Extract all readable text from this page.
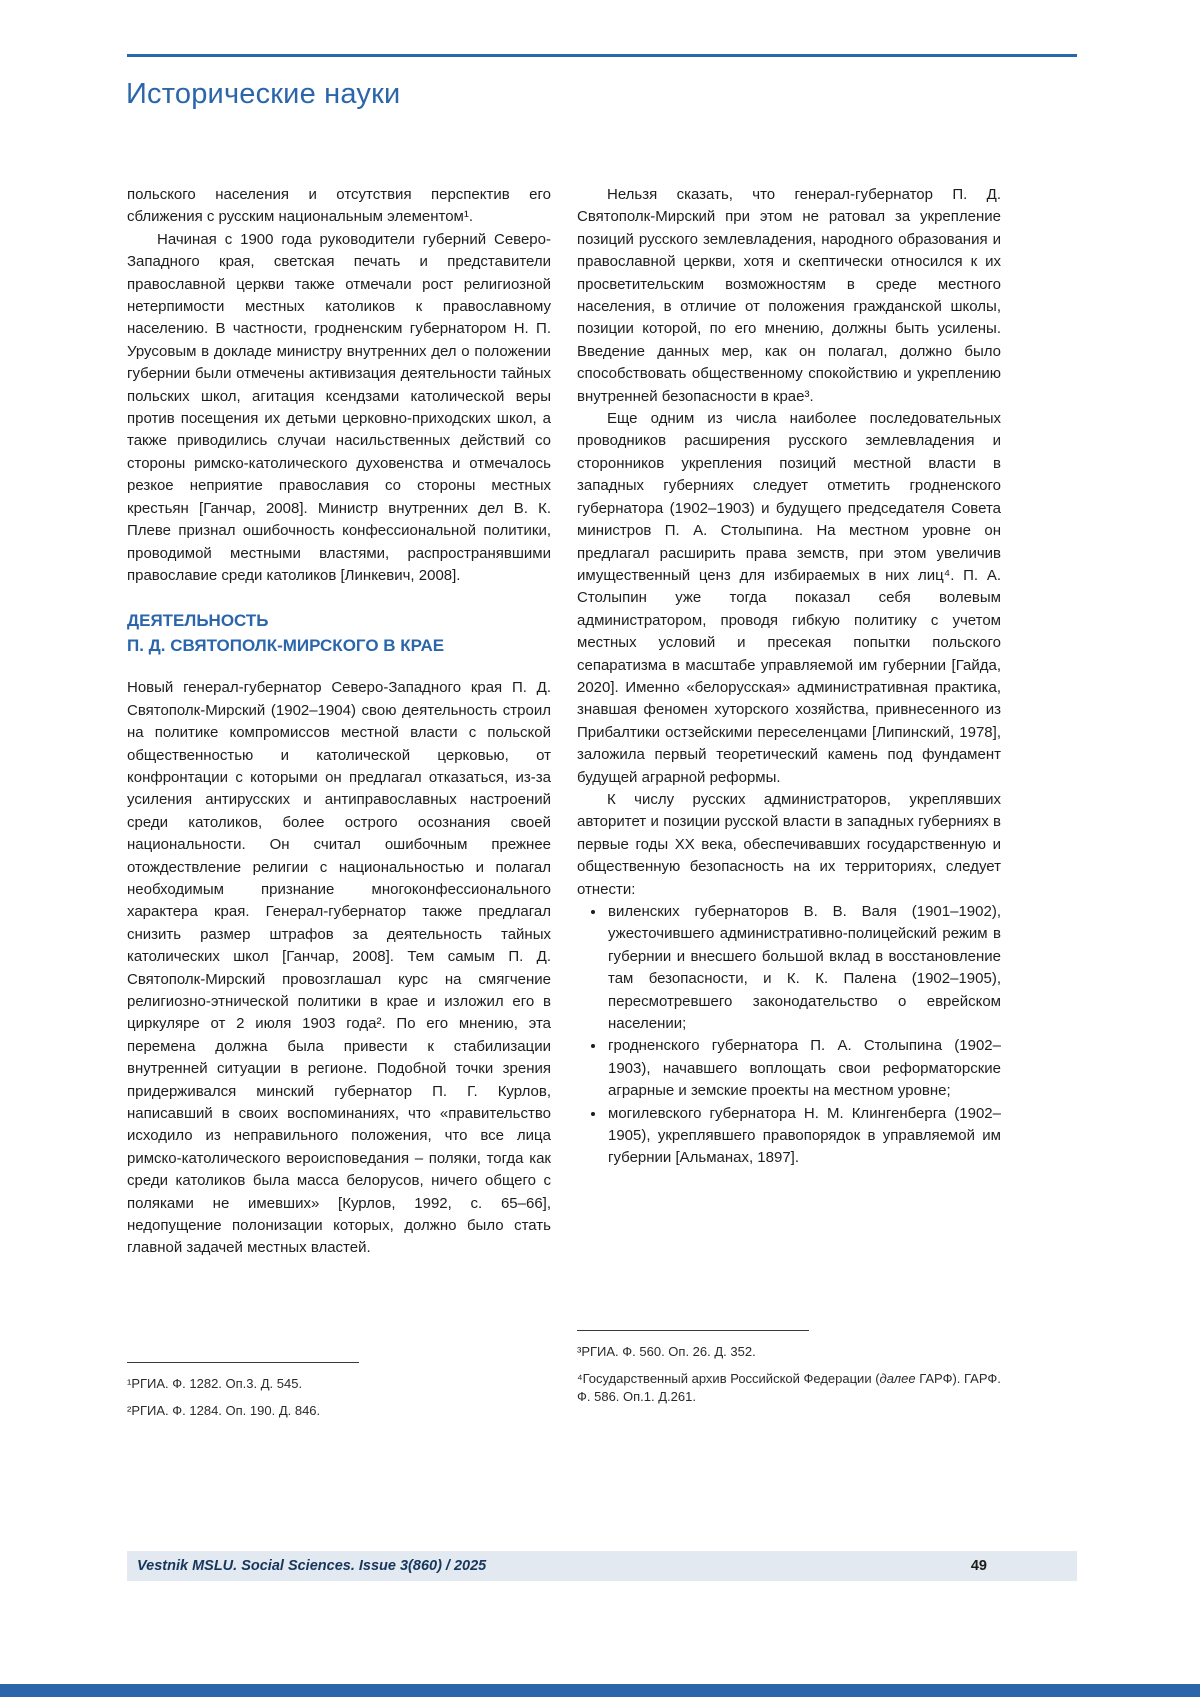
Исторические науки

польского населения и отсутствия перспектив его сближения с русским национальным элементом¹.

Начиная с 1900 года руководители губерний Северо-Западного края, светская печать и представители православной церкви также отмечали рост религиозной нетерпимости местных католиков к православному населению. В частности, гродненским губернатором Н. П. Урусовым в докладе министру внутренних дел о положении губернии были отмечены активизация деятельности тайных польских школ, агитация ксендзами католической веры против посещения их детьми церковно-приходских школ, а также приводились случаи насильственных действий со стороны римско-католического духовенства и отмечалось резкое неприятие православия со стороны местных крестьян [Ганчар, 2008]. Министр внутренних дел В. К. Плеве признал ошибочность конфессиональной политики, проводимой местными властями, распространявшими православие среди католиков [Линкевич, 2008].

ДЕЯТЕЛЬНОСТЬ
П. Д. СВЯТОПОЛК-МИРСКОГО В КРАЕ

Новый генерал-губернатор Северо-Западного края П. Д. Святополк-Мирский (1902–1904) свою деятельность строил на политике компромиссов местной власти с польской общественностью и католической церковью, от конфронтации с которыми он предлагал отказаться, из-за усиления антирусских и антиправославных настроений среди католиков, более острого осознания своей национальности. Он считал ошибочным прежнее отождествление религии с национальностью и полагал необходимым признание многоконфессионального характера края. Генерал-губернатор также предлагал снизить размер штрафов за деятельность тайных католических школ [Ганчар, 2008]. Тем самым П. Д. Святополк-Мирский провозглашал курс на смягчение религиозно-этнической политики в крае и изложил его в циркуляре от 2 июля 1903 года². По его мнению, эта перемена должна была привести к стабилизации внутренней ситуации в регионе. Подобной точки зрения придерживался минский губернатор П. Г. Курлов, написавший в своих воспоминаниях, что «правительство исходило из неправильного положения, что все лица римско-католического вероисповедания – поляки, тогда как среди католиков была масса белорусов, ничего общего с поляками не имевших» [Курлов, 1992, с. 65–66], недопущение полонизации которых, должно было стать главной задачей местных властей.

Нельзя сказать, что генерал-губернатор П. Д. Святополк-Мирский при этом не ратовал за укрепление позиций русского землевладения, народного образования и православной церкви, хотя и скептически относился к их просветительским возможностям в среде местного населения, в отличие от положения гражданской школы, позиции которой, по его мнению, должны быть усилены. Введение данных мер, как он полагал, должно было способствовать общественному спокойствию и укреплению внутренней безопасности в крае³.

Еще одним из числа наиболее последовательных проводников расширения русского землевладения и сторонников укрепления позиций местной власти в западных губерниях следует отметить гродненского губернатора (1902–1903) и будущего председателя Совета министров П. А. Столыпина. На местном уровне он предлагал расширить права земств, при этом увеличив имущественный ценз для избираемых в них лиц⁴. П. А. Столыпин уже тогда показал себя волевым администратором, проводя гибкую политику с учетом местных условий и пресекая попытки польского сепаратизма в масштабе управляемой им губернии [Гайда, 2020]. Именно «белорусская» административная практика, знавшая феномен хуторского хозяйства, привнесенного из Прибалтики остзейскими переселенцами [Липинский, 1978], заложила первый теоретический камень под фундамент будущей аграрной реформы.

К числу русских администраторов, укреплявших авторитет и позиции русской власти в западных губерниях в первые годы XX века, обеспечивавших государственную и общественную безопасность на их территориях, следует отнести:

• виленских губернаторов В. В. Валя (1901–1902), ужесточившего административно-полицейский режим в губернии и внесшего большой вклад в восстановление там безопасности, и К. К. Палена (1902–1905), пересмотревшего законодательство о еврейском населении;
• гродненского губернатора П. А. Столыпина (1902–1903), начавшего воплощать свои реформаторские аграрные и земские проекты на местном уровне;
• могилевского губернатора Н. М. Клингенберга (1902–1905), укреплявшего правопорядок в управляемой им губернии [Альманах, 1897].

¹РГИА. Ф. 1282. Оп.3. Д. 545.

²РГИА. Ф. 1284. Оп. 190. Д. 846.

³РГИА. Ф. 560. Оп. 26. Д. 352.

⁴Государственный архив Российской Федерации (далее ГАРФ). ГАРФ. Ф. 586. Оп.1. Д.261.

Vestnik MSLU. Social Sciences. Issue 3(860) / 2025	49
